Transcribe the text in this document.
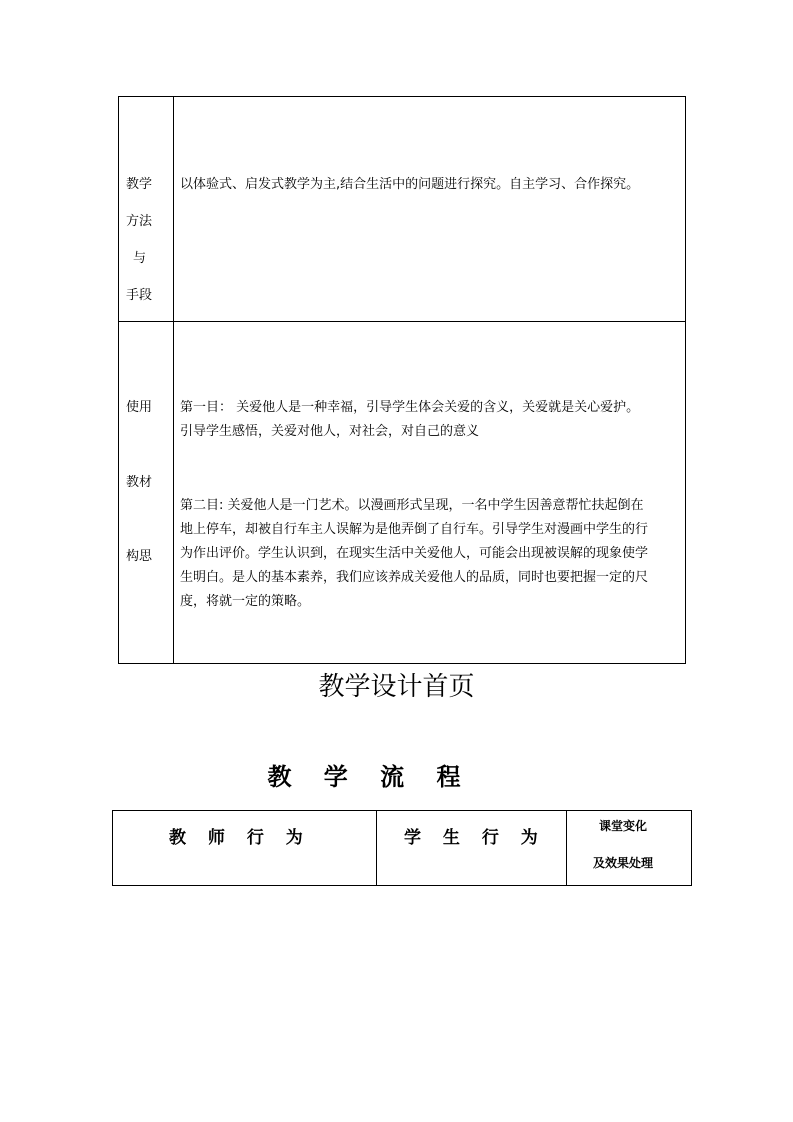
教学
方法
与
手段
以体验式、启发式教学为主,结合生活中的问题进行探究。自主学习、合作探究。
使用
教材
构思
第一目： 关爱他人是一种幸福，引导学生体会关爱的含义，关爱就是关心爱护。
引导学生感悟，关爱对他人，对社会，对自己的意义
第二目: 关爱他人是一门艺术。以漫画形式呈现，一名中学生因善意帮忙扶起倒在
地上停车，却被自行车主人误解为是他弄倒了自行车。引导学生对漫画中学生的行
为作出评价。学生认识到，在现实生活中关爱他人，可能会出现被误解的现象使学
生明白。是人的基本素养，我们应该养成关爱他人的品质，同时也要把握一定的尺
度，将就一定的策略。
教学设计首页
教 学 流 程
教 师 行 为	学 生 行 为
课堂变化
及效果处理
